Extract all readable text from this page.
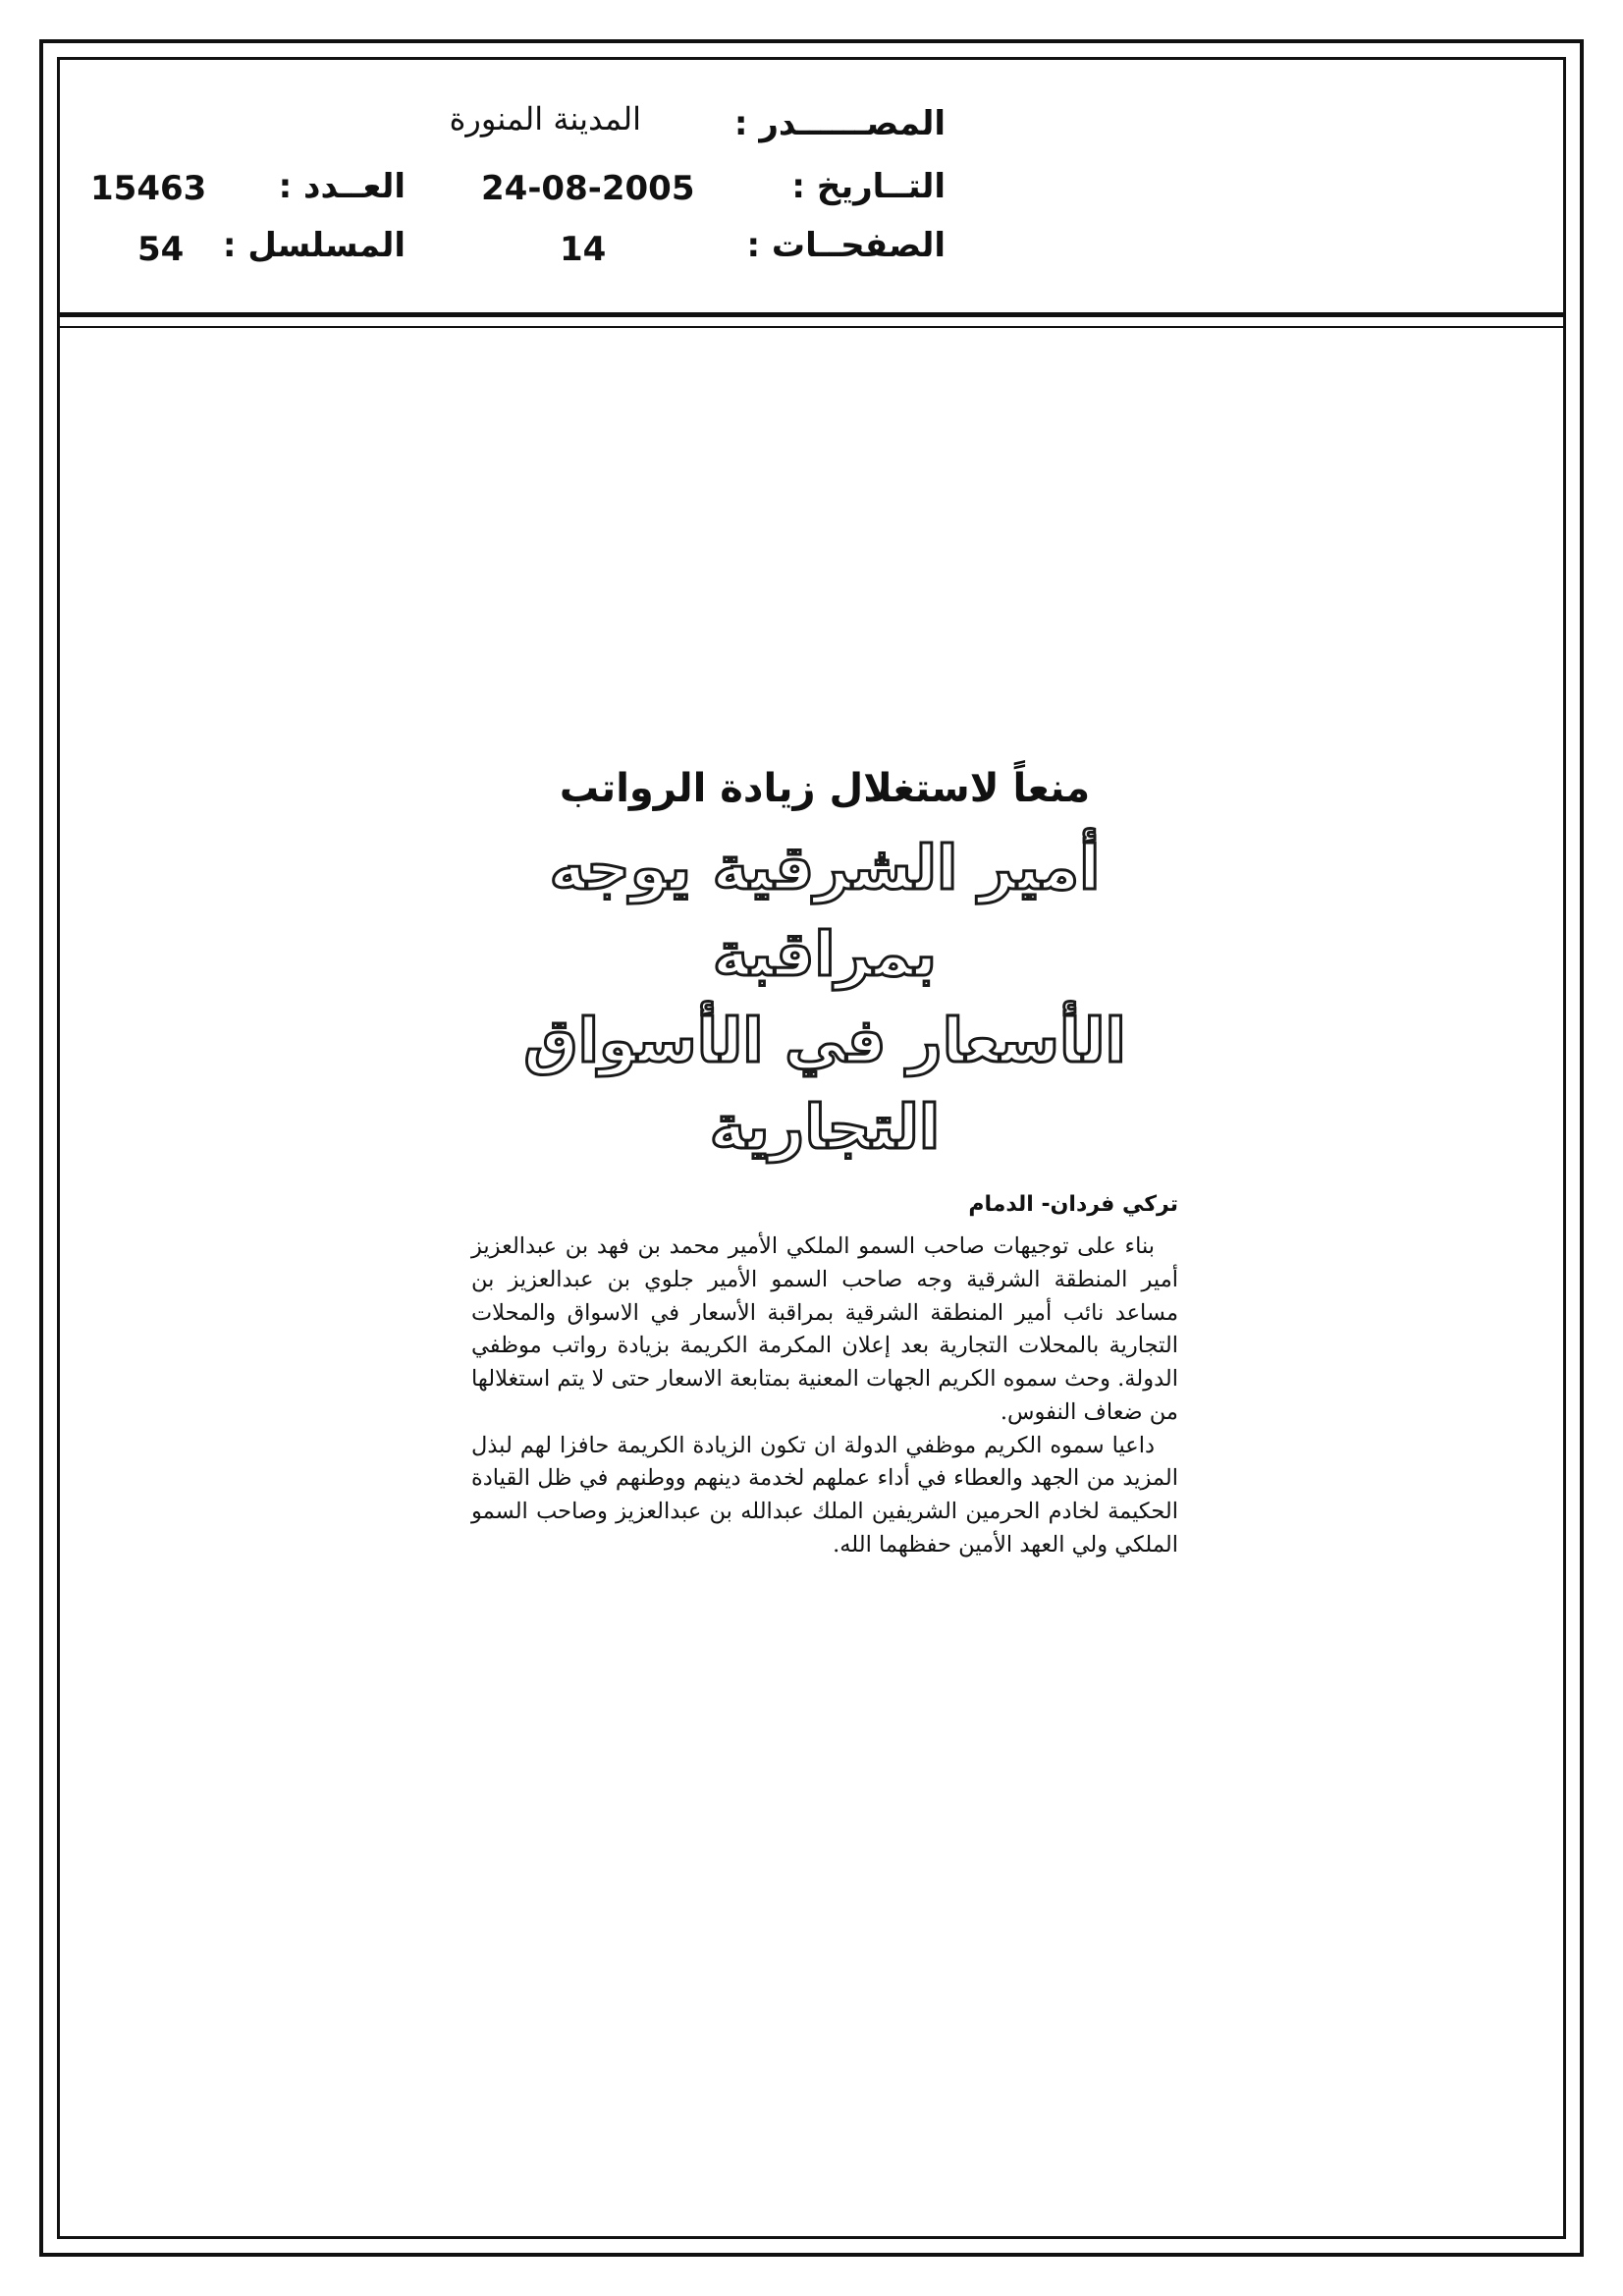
المصــــــدر :
المدينة المنورة
التــاريخ :
24-08-2005
العــدد :
15463
الصفحــات :
14
المسلسل :
54
منعاً لاستغلال زيادة الرواتب
أمير الشرقية يوجه بمراقبة
الأسعار في الأسواق التجارية
تركي فردان- الدمام

بناء على توجيهات صاحب السمو الملكي الأمير محمد بن فهد بن عبدالعزيز أمير المنطقة الشرقية وجه صاحب السمو الأمير جلوي بن عبدالعزيز بن مساعد نائب أمير المنطقة الشرقية بمراقبة الأسعار في الاسواق والمحلات التجارية بالمحلات التجارية بعد إعلان المكرمة الكريمة بزيادة رواتب موظفي الدولة. وحث سموه الكريم الجهات المعنية بمتابعة الاسعار حتى لا يتم استغلالها من ضعاف النفوس.

داعيا سموه الكريم موظفي الدولة ان تكون الزيادة الكريمة حافزا لهم لبذل المزيد من الجهد والعطاء في أداء عملهم لخدمة دينهم ووطنهم في ظل القيادة الحكيمة لخادم الحرمين الشريفين الملك عبدالله بن عبدالعزيز وصاحب السمو الملكي ولي العهد الأمين حفظهما الله.
